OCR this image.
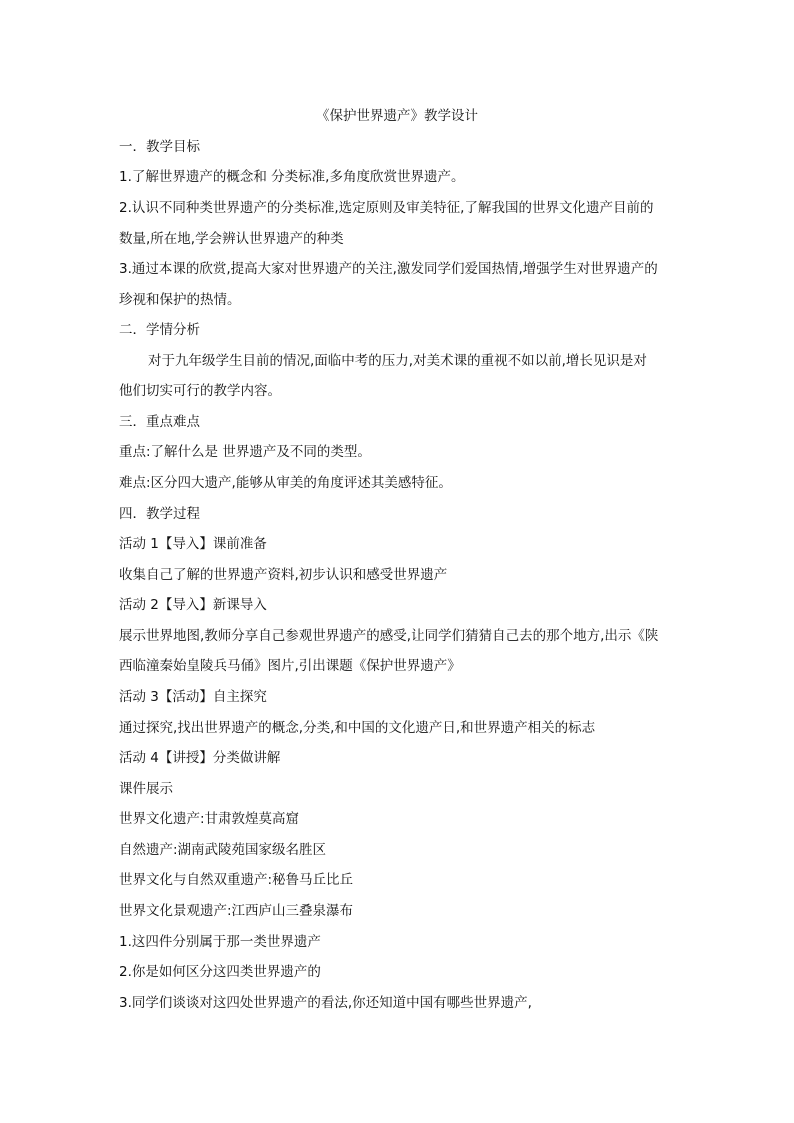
《保护世界遗产》教学设计
一．教学目标
1.了解世界遗产的概念和 分类标准,多角度欣赏世界遗产。
2.认识不同种类世界遗产的分类标准,选定原则及审美特征,了解我国的世界文化遗产目前的
数量,所在地,学会辨认世界遗产的种类
3.通过本课的欣赏,提高大家对世界遗产的关注,激发同学们爱国热情,增强学生对世界遗产的
珍视和保护的热情。
二．学情分析
对于九年级学生目前的情况,面临中考的压力,对美术课的重视不如以前,增长见识是对
他们切实可行的教学内容。
三．重点难点
重点:了解什么是 世界遗产及不同的类型。
难点:区分四大遗产,能够从审美的角度评述其美感特征。
四．教学过程
活动 1【导入】课前准备
收集自己了解的世界遗产资料,初步认识和感受世界遗产
活动 2【导入】新课导入
展示世界地图,教师分享自己参观世界遗产的感受,让同学们猜猜自己去的那个地方,出示《陕
西临潼秦始皇陵兵马俑》图片,引出课题《保护世界遗产》
活动 3【活动】自主探究
通过探究,找出世界遗产的概念,分类,和中国的文化遗产日,和世界遗产相关的标志
活动 4【讲授】分类做讲解
课件展示
世界文化遗产:甘肃敦煌莫高窟
自然遗产:湖南武陵苑国家级名胜区
世界文化与自然双重遗产:秘鲁马丘比丘
世界文化景观遗产:江西庐山三叠泉瀑布
1.这四件分别属于那一类世界遗产
2.你是如何区分这四类世界遗产的
3.同学们谈谈对这四处世界遗产的看法,你还知道中国有哪些世界遗产,
